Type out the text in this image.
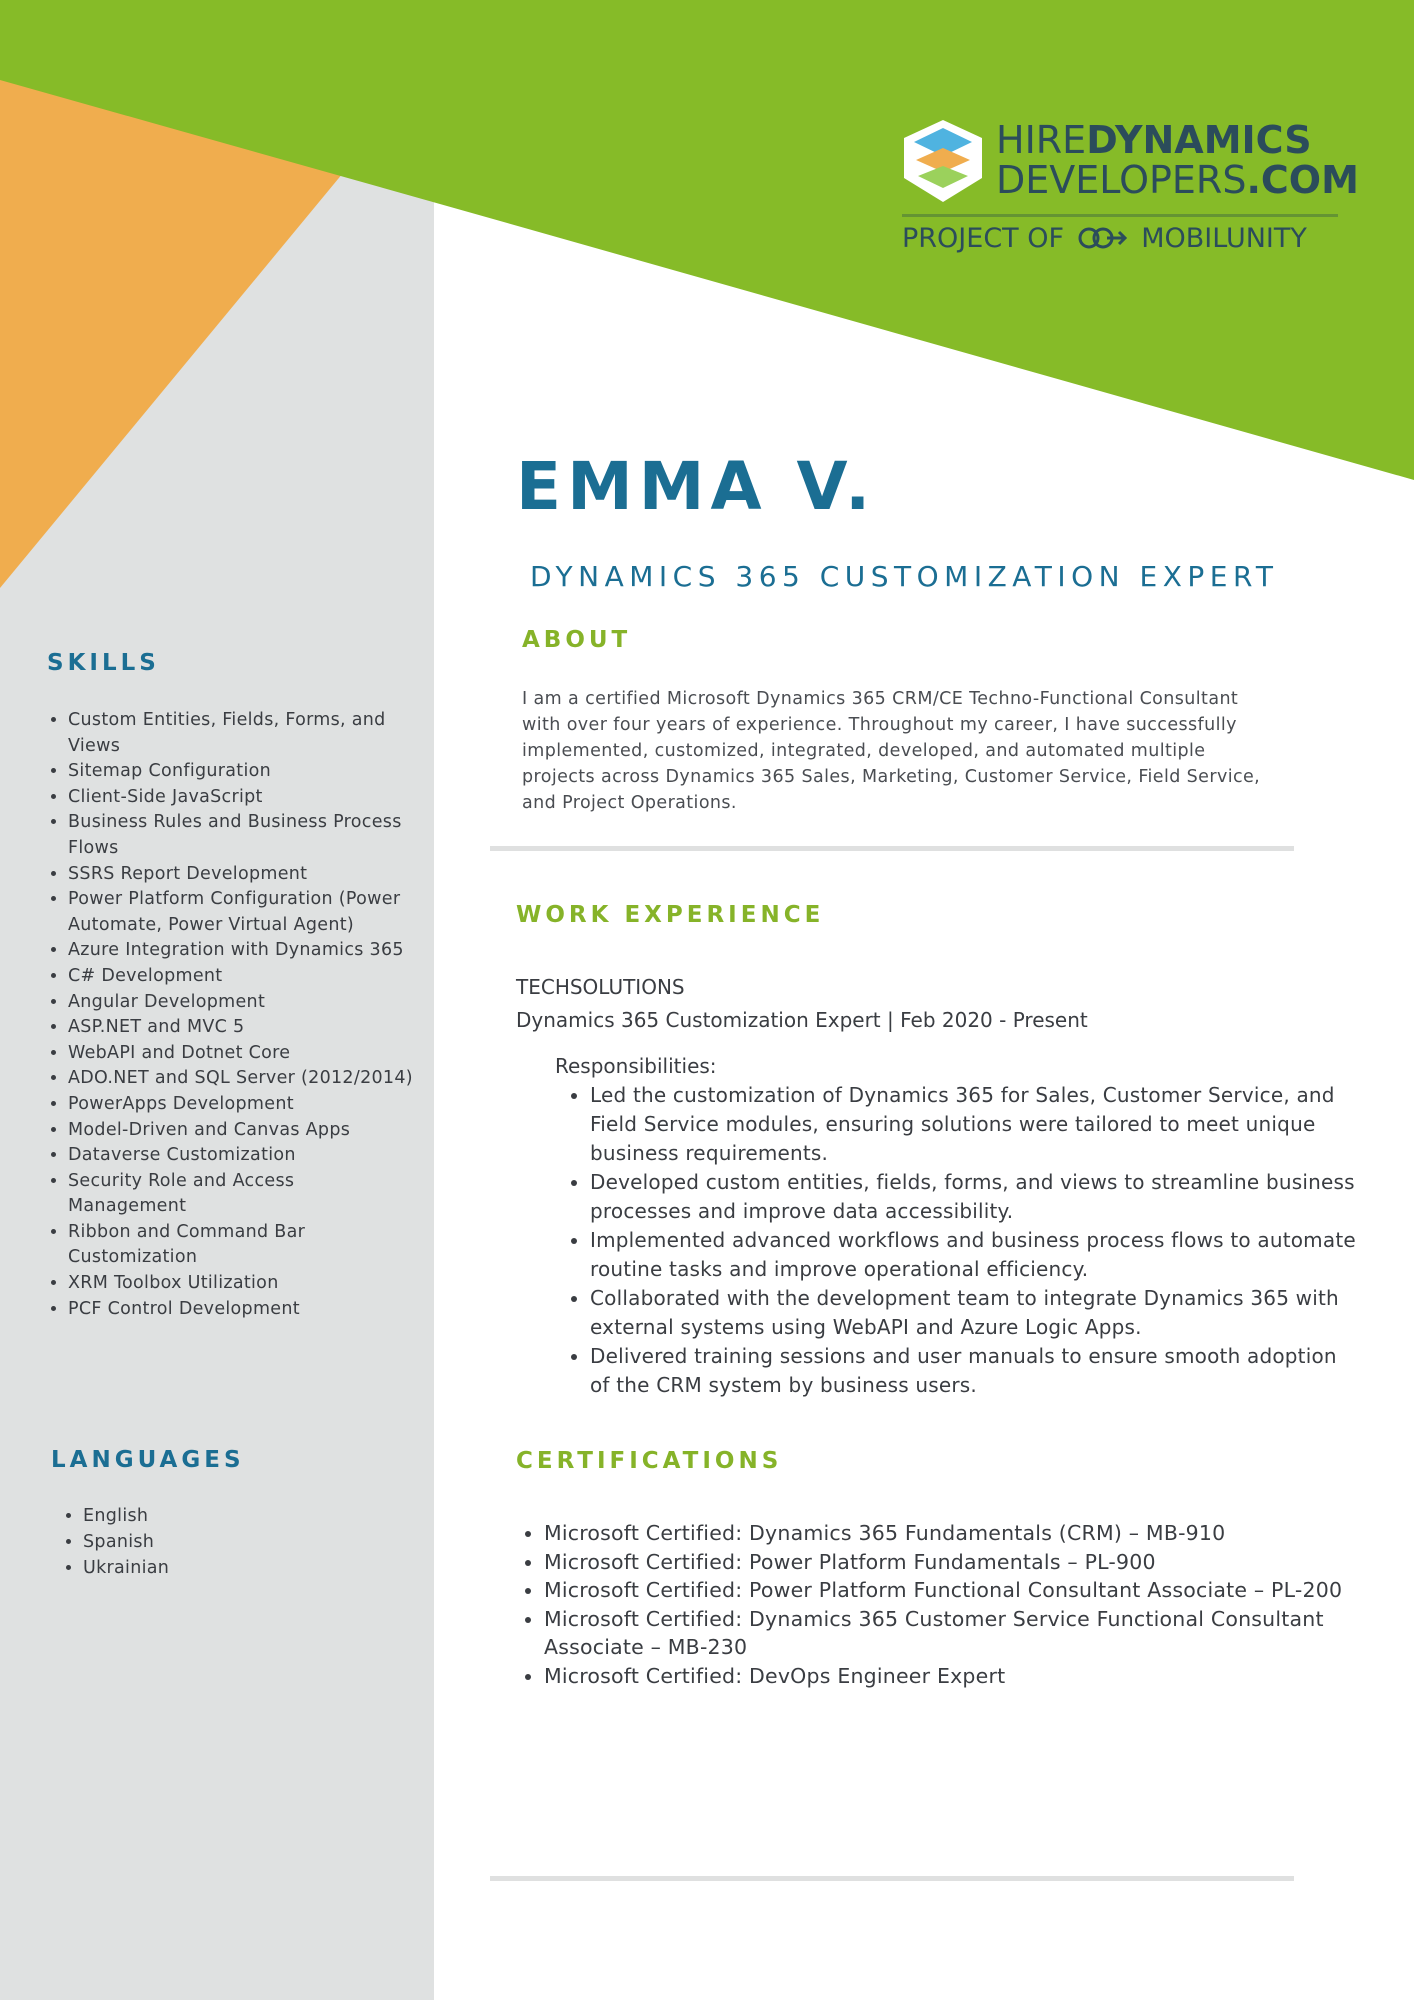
HIREDYNAMICS
DEVELOPERS.COM
PROJECT OF	MOBILUNITY
EMMA V.
DYNAMICS 365 CUSTOMIZATION EXPERT
ABOUT
I am a certified Microsoft Dynamics 365 CRM/CE Techno-Functional Consultant with over four years of experience. Throughout my career, I have successfully implemented, customized, integrated, developed, and automated multiple projects across Dynamics 365 Sales, Marketing, Customer Service, Field Service, and Project Operations.
WORK EXPERIENCE
TECHSOLUTIONS
Dynamics 365 Customization Expert | Feb 2020 - Present
Responsibilities:
• Led the customization of Dynamics 365 for Sales, Customer Service, and Field Service modules, ensuring solutions were tailored to meet unique business requirements.
• Developed custom entities, fields, forms, and views to streamline business processes and improve data accessibility.
• Implemented advanced workflows and business process flows to automate routine tasks and improve operational efficiency.
• Collaborated with the development team to integrate Dynamics 365 with external systems using WebAPI and Azure Logic Apps.
• Delivered training sessions and user manuals to ensure smooth adoption of the CRM system by business users.
CERTIFICATIONS
• Microsoft Certified: Dynamics 365 Fundamentals (CRM) – MB-910
• Microsoft Certified: Power Platform Fundamentals – PL-900
• Microsoft Certified: Power Platform Functional Consultant Associate – PL-200
• Microsoft Certified: Dynamics 365 Customer Service Functional Consultant Associate – MB-230
• Microsoft Certified: DevOps Engineer Expert
SKILLS
• Custom Entities, Fields, Forms, and Views
• Sitemap Configuration
• Client-Side JavaScript
• Business Rules and Business Process Flows
• SSRS Report Development
• Power Platform Configuration (Power Automate, Power Virtual Agent)
• Azure Integration with Dynamics 365
• C# Development
• Angular Development
• ASP.NET and MVC 5
• WebAPI and Dotnet Core
• ADO.NET and SQL Server (2012/2014)
• PowerApps Development
• Model-Driven and Canvas Apps
• Dataverse Customization
• Security Role and Access Management
• Ribbon and Command Bar Customization
• XRM Toolbox Utilization
• PCF Control Development
LANGUAGES
• English
• Spanish
• Ukrainian
